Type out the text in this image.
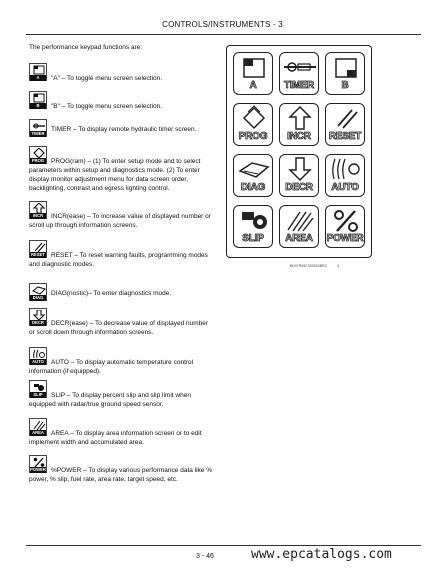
CONTROLS/INSTRUMENTS - 3
The performance keypad functions are:
A	"A" – To toggle menu screen selection.
B	"B" – To toggle menu screen selection.
TIMER
TIMER – To display remote hydraulic timer screen.
PROG	PROG(ram) – (1) To enter setup mode and to select parameters within setup and diagnostics mode. (2) To enter display monitor adjustment menu for data screen order, backlighting, contrast and egress lighting control.
INCR	INCR(ease) – To increase value of displayed number or scroll up through information screens.
RESET RESET – To reset warning faults, programming modes and diagnostic modes.
DIAG
DIAG(nostic)– To enter diagnostics mode.
DECR	DECR(ease) – To decrease value of displayed number or scroll down through information screens.
AUTO	AUTO – To display automatic temperature control information (if equipped).
SLIP	SLIP – To display percent slip and slip limit when equipped with radar/true ground speed sensor.
AREA	AREA – To display area information screen or to edit implement width and accumulated area.
POWER %POWER – To display various performance data like % power, % slip, fuel rate, area rate, target speed, etc.
A	TIMER	B
PROG	INCR	RESET
DIAG	DECR	AUTO
SLIP	AREA	POWER
BD07R05C033S00BRC	3
3 - 46	www.epcatalogs.com
